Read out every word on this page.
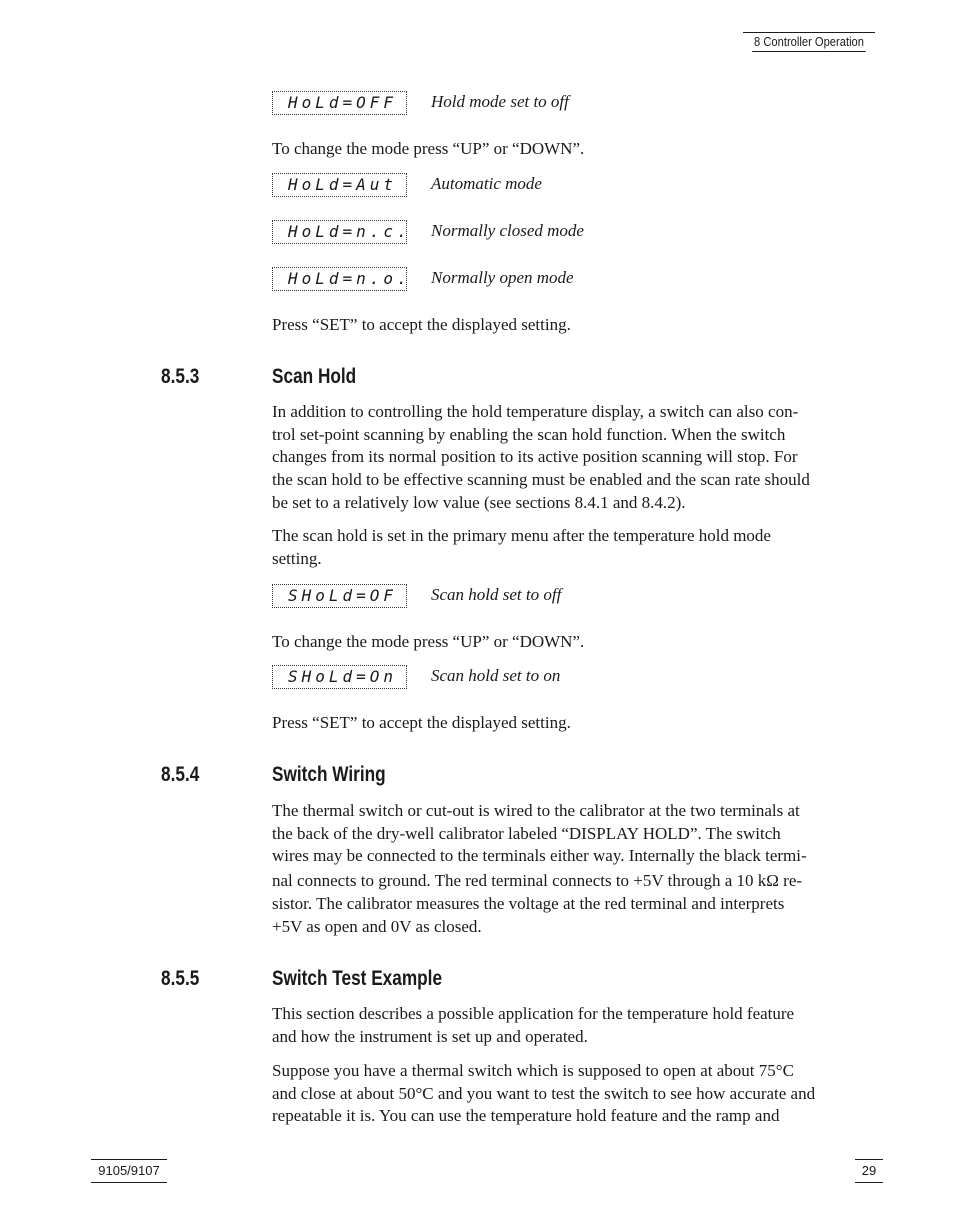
8 Controller Operation
HoLd=OFF	Hold mode set to off
To change the mode press “UP” or “DOWN”.
HoLd=Aut	Automatic mode
HoLd=n.c. Normally closed mode
HoLd=n.o. Normally open mode
Press “SET” to accept the displayed setting.
8.5.3	Scan Hold
In addition to controlling the hold temperature display, a switch can also con-
trol set-point scanning by enabling the scan hold function. When the switch
changes from its normal position to its active position scanning will stop. For
the scan hold to be effective scanning must be enabled and the scan rate should
be set to a relatively low value (see sections 8.4.1 and 8.4.2).
The scan hold is set in the primary menu after the temperature hold mode
setting.
SHoLd=OF	Scan hold set to off
To change the mode press “UP” or “DOWN”.
SHoLd=On	Scan hold set to on
Press “SET” to accept the displayed setting.
8.5.4	Switch Wiring
The thermal switch or cut-out is wired to the calibrator at the two terminals at
the back of the dry-well calibrator labeled “DISPLAY HOLD”. The switch
wires may be connected to the terminals either way. Internally the black termi-
nal connects to ground. The red terminal connects to +5V through a 10 kΩ re-
sistor. The calibrator measures the voltage at the red terminal and interprets
+5V as open and 0V as closed.
8.5.5	Switch Test Example
This section describes a possible application for the temperature hold feature
and how the instrument is set up and operated.
Suppose you have a thermal switch which is supposed to open at about 75°C
and close at about 50°C and you want to test the switch to see how accurate and
repeatable it is. You can use the temperature hold feature and the ramp and
9105/9107	29
